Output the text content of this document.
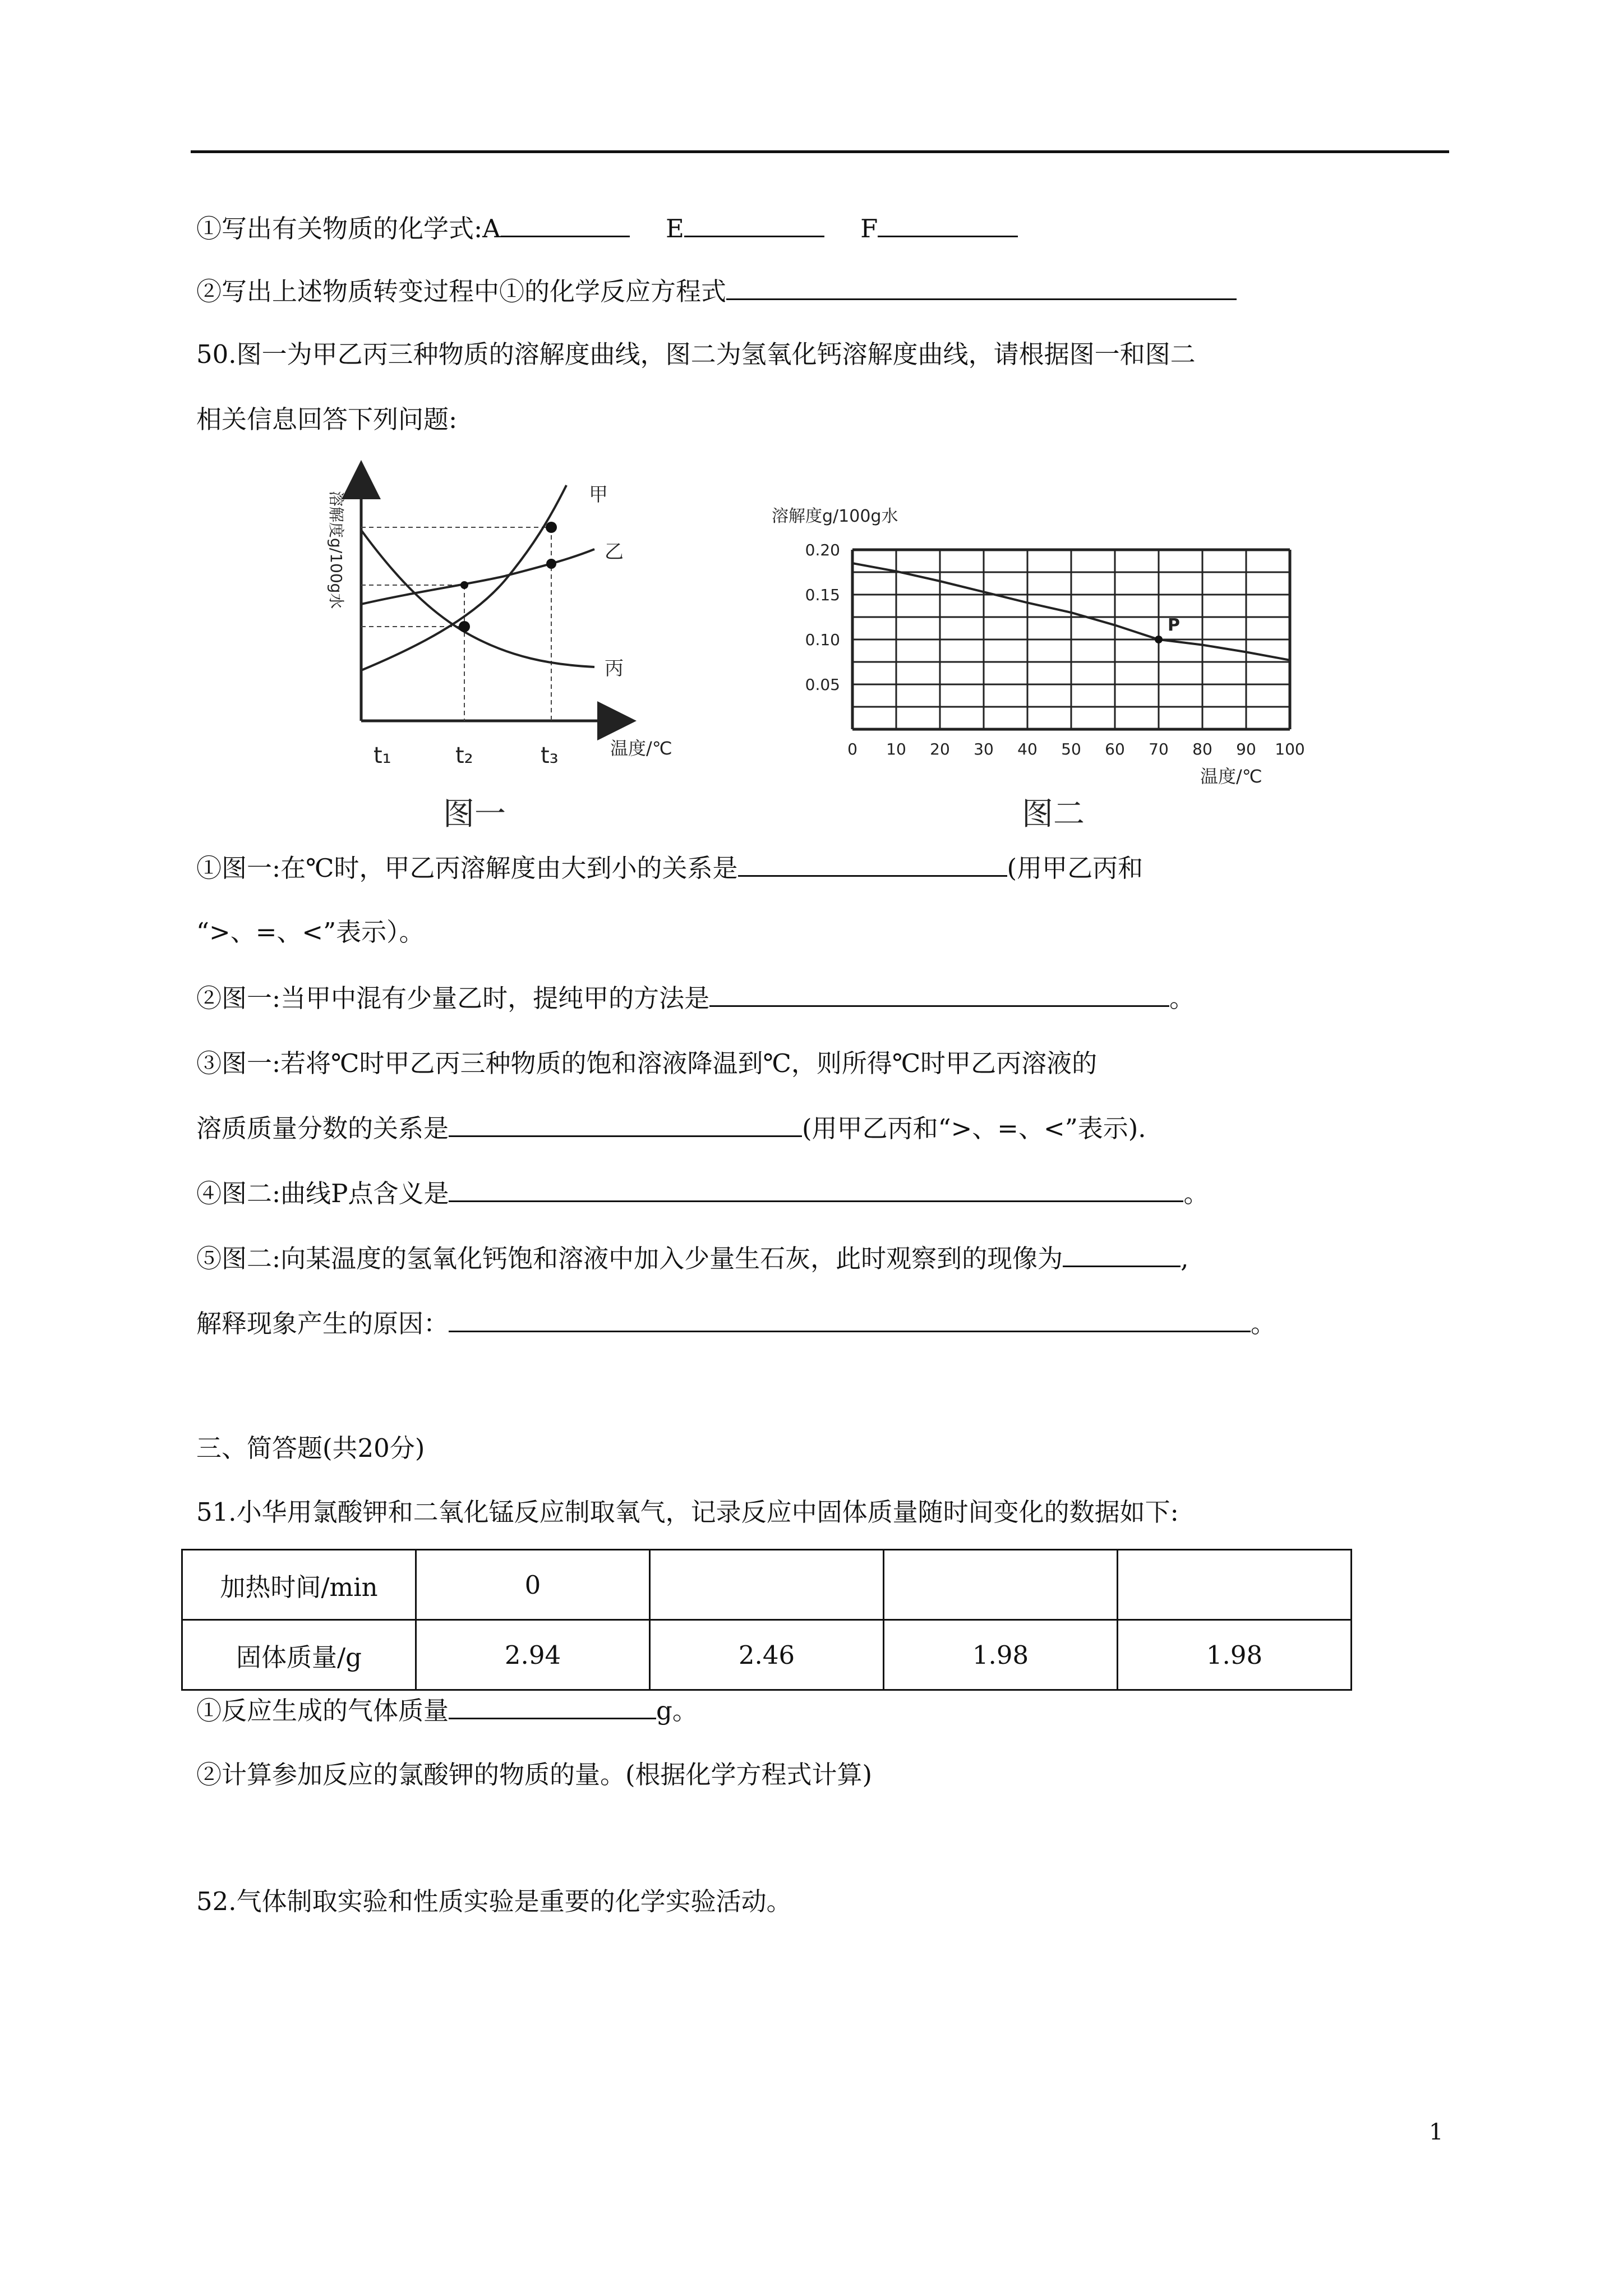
①写出有关物质的化学式:A	E	F
②写出上述物质转变过程中①的化学反应方程式
50.图一为甲乙丙三种物质的溶解度曲线，图二为氢氧化钙溶解度曲线，请根据图一和图二
相关信息回答下列问题:
溶解度g/100g水	甲
乙
丙
t₁	t₂	t₃	温度/℃
图一
溶解度g/100g水
0 10 20 30 40 50 60 70 80 90 100
0.05
0.10
0.15
0.20
P
温度/℃
图二
①图一:在℃时，甲乙丙溶解度由大到小的关系是	(用甲乙丙和
“>、=、<”表示）。
②图一:当甲中混有少量乙时，提纯甲的方法是	。
③图一:若将℃时甲乙丙三种物质的饱和溶液降温到℃，则所得℃时甲乙丙溶液的
溶质质量分数的关系是	(用甲乙丙和“>、=、<”表示).
④图二:曲线P点含义是	。
⑤图二:向某温度的氢氧化钙饱和溶液中加入少量生石灰，此时观察到的现像为	,
解释现象产生的原因：	。
三、简答题(共20分)
51.小华用氯酸钾和二氧化锰反应制取氧气，记录反应中固体质量随时间变化的数据如下:
加热时间/min	0			
固体质量/g	2.94	2.46	1.98	1.98
①反应生成的气体质量	g。
②计算参加反应的氯酸钾的物质的量。(根据化学方程式计算)
52.气体制取实验和性质实验是重要的化学实验活动。
1
